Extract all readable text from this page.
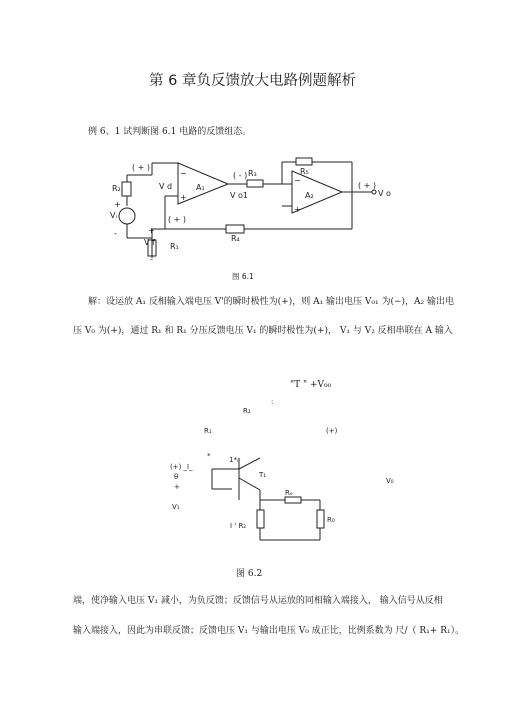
第 6 章负反馈放大电路例题解析
例 6、1 试判断图 6.1 电路的反馈组态。
( + )
R₂
+
Vᵢ
-
−
+
A₁
V d
( - ) R₃
V o1
R₅
A₂
−
+
( + )
V o
( + )
+
V f R₁
R₄
-
图 6.1
解：设运放 A₁ 反相输入端电压 V'的瞬时极性为(+)，则 A₁ 输出电压 V₀₁ 为(−)，A₂ 输出电
压 V₀ 为(+)，通过 R₁ 和 R₁ 分压反馈电压 V₁ 的瞬时极性为(+)， V₁ 与 V₂ 反相串联在 A 输入
"T " +V₀₀
:
R₂
R₁	(+)
*	1*ᵢ
(+) _I_
θ
+
T₁
Rₑ
V₀
V₁
I ' R₂
R₀
图 6.2
端，使净输入电压 V₁ 减小，为负反馈；反馈信号从运放的同相输入端接入， 输入信号从反相
输入端接入，因此为串联反馈；反馈电压 V₁ 与输出电压 V₀ 成正比，比例系数为 尺/（ R₁+ R₁）。
